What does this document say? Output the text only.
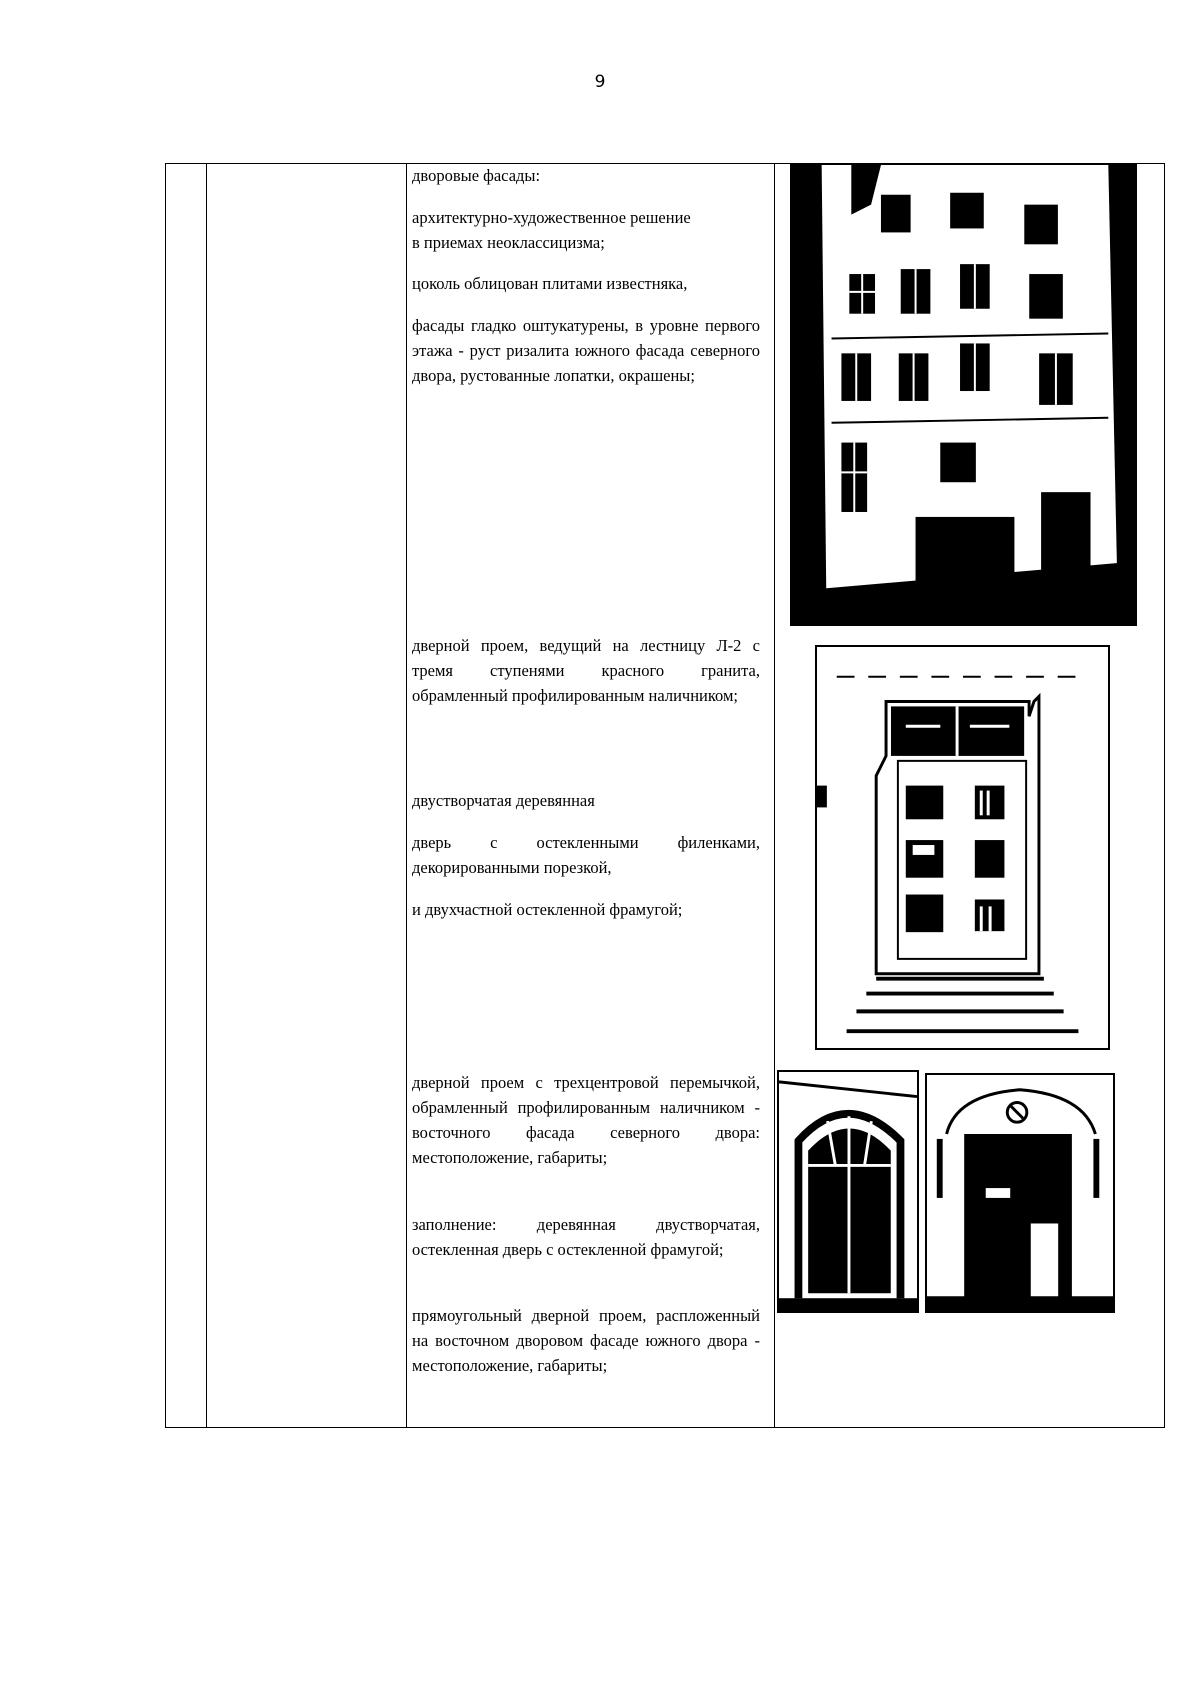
9

дворовые фасады:

архитектурно-художественное решение в приемах неоклассицизма;

цоколь облицован плитами известняка,

фасады гладко оштукатурены, в уровне первого этажа - руст ризалита южного фасада северного двора, рустованные лопатки, окрашены;

дверной проем, ведущий на лестницу Л-2 с тремя ступенями красного гранита, обрамленный профилированным наличником;

двустворчатая деревянная

дверь с остекленными филенками, декорированными порезкой,

и двухчастной остекленной фрамугой;

дверной проем с трехцентровой перемычкой, обрамленный профилированным наличником - восточного фасада северного двора: местоположение, габариты;

заполнение: деревянная двустворчатая, остекленная дверь с остекленной фрамугой;

прямоугольный дверной проем, распложенный на восточном дворовом фасаде южного двора - местоположение, габариты;
